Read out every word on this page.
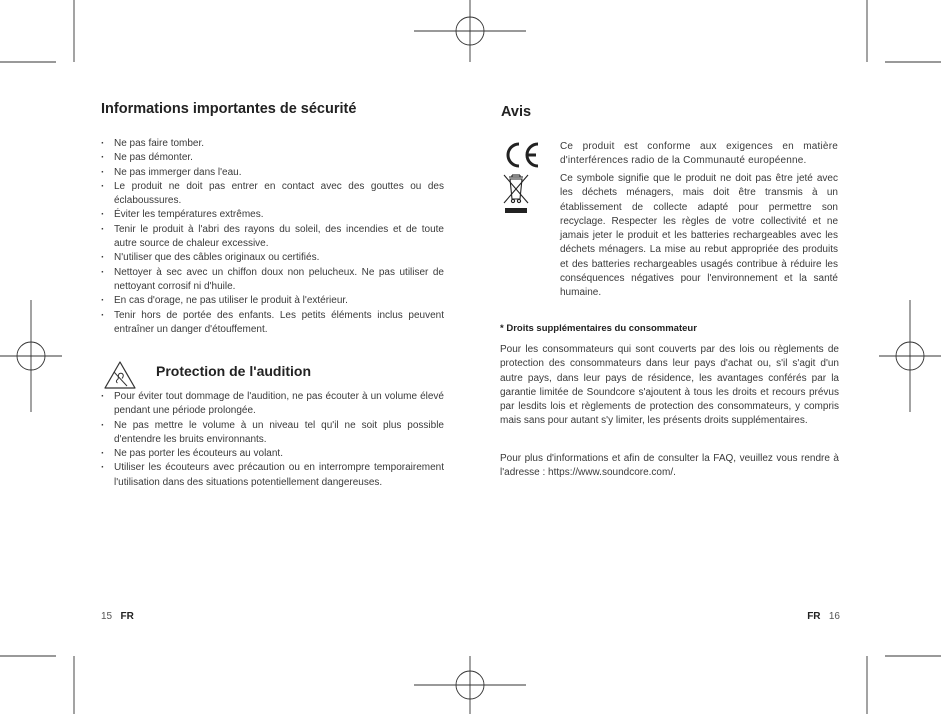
Informations importantes de sécurité
· Ne pas faire tomber.
· Ne pas démonter.
· Ne pas immerger dans l'eau.
· Le produit ne doit pas entrer en contact avec des gouttes ou des éclaboussures.
· Éviter les températures extrêmes.
· Tenir le produit à l'abri des rayons du soleil, des incendies et de toute autre source de chaleur excessive.
· N'utiliser que des câbles originaux ou certifiés.
· Nettoyer à sec avec un chiffon doux non pelucheux. Ne pas utiliser de nettoyant corrosif ni d'huile.
· En cas d'orage, ne pas utiliser le produit à l'extérieur.
· Tenir hors de portée des enfants. Les petits éléments inclus peuvent entraîner un danger d'étouffement.
Protection de l'audition
· Pour éviter tout dommage de l'audition, ne pas écouter à un volume élevé pendant une période prolongée.
· Ne pas mettre le volume à un niveau tel qu'il ne soit plus possible d'entendre les bruits environnants.
· Ne pas porter les écouteurs au volant.
· Utiliser les écouteurs avec précaution ou en interrompre temporairement l'utilisation dans des situations potentiellement dangereuses.
15 FR
Avis

Ce produit est conforme aux exigences en matière d'interférences radio de la Communauté européenne.

Ce symbole signifie que le produit ne doit pas être jeté avec les déchets ménagers, mais doit être transmis à un établissement de collecte adapté pour permettre son recyclage. Respecter les règles de votre collectivité et ne jamais jeter le produit et les batteries rechargeables avec les déchets ménagers. La mise au rebut appropriée des produits et des batteries rechargeables usagés contribue à réduire les conséquences négatives pour l'environnement et la santé humaine.

* Droits supplémentaires du consommateur

Pour les consommateurs qui sont couverts par des lois ou règlements de protection des consommateurs dans leur pays d'achat ou, s'il s'agit d'un autre pays, dans leur pays de résidence, les avantages conférés par la garantie limitée de Soundcore s'ajoutent à tous les droits et recours prévus par lesdits lois et règlements de protection des consommateurs, y compris mais sans pour autant s'y limiter, les présents droits supplémentaires.

Pour plus d'informations et afin de consulter la FAQ, veuillez vous rendre à l'adresse : https://www.soundcore.com/.

FR 16
